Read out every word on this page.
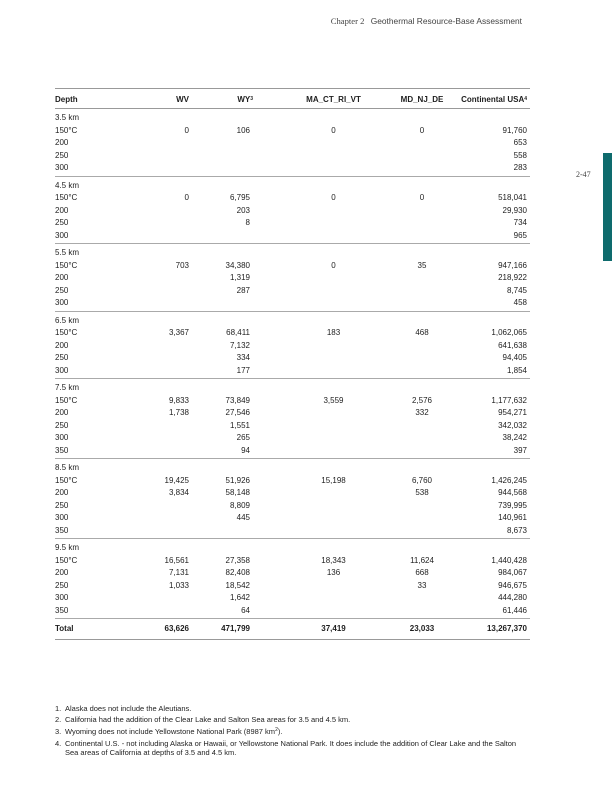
Chapter 2 Geothermal Resource-Base Assessment
2-47
Depth	WV	$WY^3$	MA_CT_RI_VT	MD_NJ_DE	Continental USA$^4$
3.5 km					
150°C	0	106	0	0	91,760
200					653
250					558
300					283
4.5 km					
150°C	0	6,795	0	0	518,041
200		203			29,930
250		8			734
300					965
5.5 km					
150°C	703	34,380	0	35	947,166
200		1,319			218,922
250		287			8,745
300					458
6.5 km					
150°C	3,367	68,411	183	468	1,062,065
200		7,132			641,638
250		334			94,405
300		177			1,854
7.5 km					
150°C	9,833	73,849	3,559	2,576	1,177,632
200	1,738	27,546		332	954,271
250		1,551			342,032
300		265			38,242
350		94			397
8.5 km					
150°C	19,425	51,926	15,198	6,760	1,426,245
200	3,834	58,148		538	944,568
250		8,809			739,995
300		445			140,961
350					8,673
9.5 km					
150°C	16,561	27,358	18,343	11,624	1,440,428
200	7,131	82,408	136	668	984,067
250	1,033	18,542		33	946,675
300		1,642			444,280
350		64			61,446
Total	63,626	471,799	37,419	23,033	13,267,370
1. Alaska does not include the Aleutians.
2. California had the addition of the Clear Lake and Salton Sea areas for 3.5 and 4.5 km.
3. Wyoming does not include Yellowstone National Park (8987 $km^2$).
4. Continental U.S. - not including Alaska or Hawaii, or Yellowstone National Park. It does include the addition of Clear Lake and the Salton Sea areas of California at depths of 3.5 and 4.5 km.
